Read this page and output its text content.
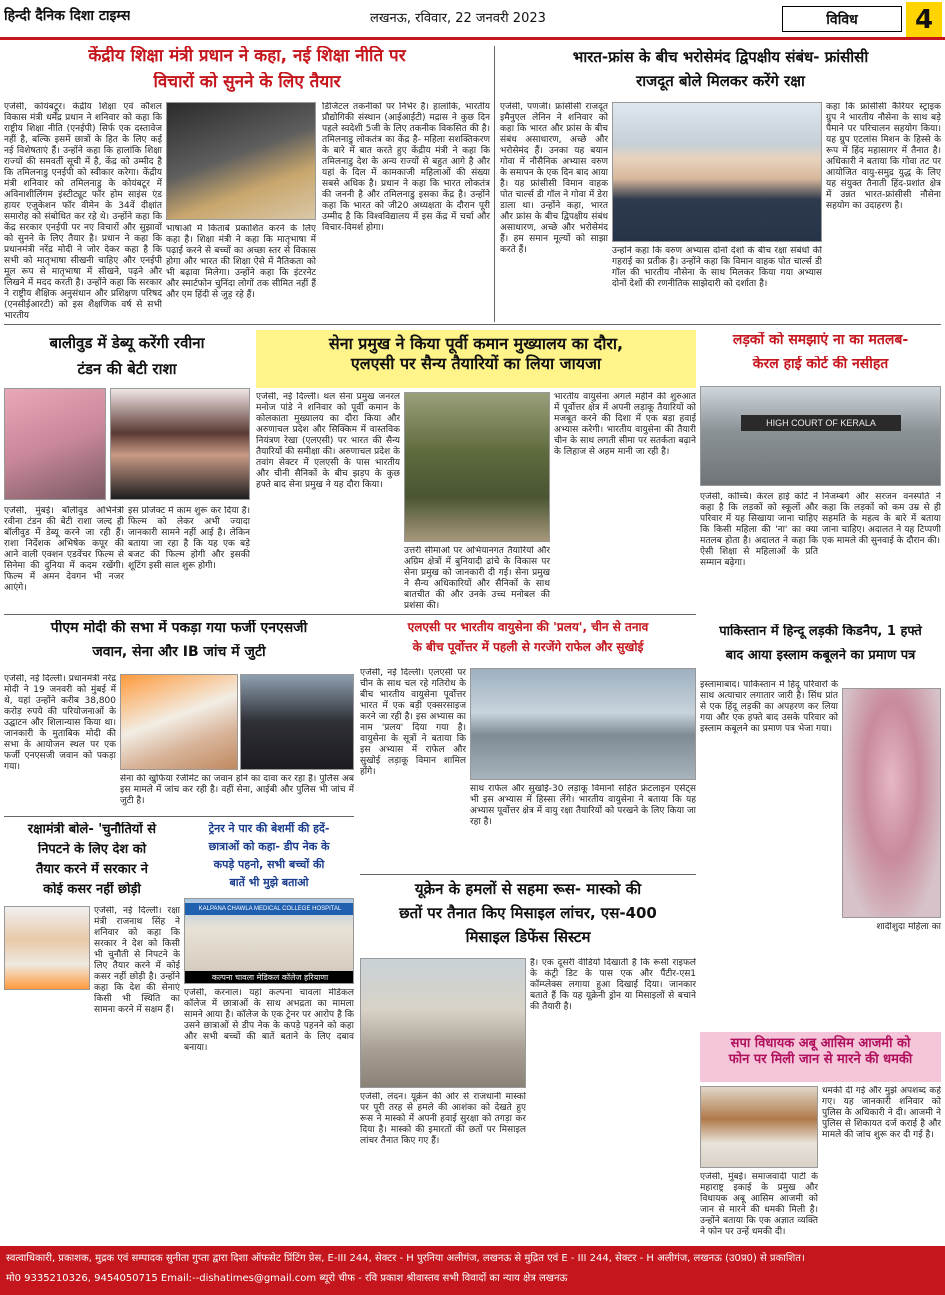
हिन्दी दैनिक दिशा टाइम्स	लखनऊ, रविवार, 22 जनवरी 2023	विविध	4
केंद्रीय शिक्षा मंत्री प्रधान ने कहा, नई शिक्षा नीति पर
विचारों को सुनने के लिए तैयार
एजेंसी, कोयंबटूर। केंद्रीय शिक्षा एवं कौशल विकास मंत्री धर्मेंद्र प्रधान ने शनिवार को कहा कि राष्ट्रीय शिक्षा नीति (एनईपी) सिर्फ एक दस्तावेज नहीं है, बल्कि इसमें छात्रों के हित के लिए कई नई विशेषताएं हैं। उन्होंने कहा कि हालांकि शिक्षा राज्यों की समवर्ती सूची में है, केंद्र को उम्मीद है कि तमिलनाडु एनईपी को स्वीकार करेगा। केंद्रीय मंत्री शनिवार को तमिलनाडु के कोयंबटूर में अविनाशीलिंगम इंस्टीट्यूट फॉर होम साइंस एंड हायर एजुकेशन फॉर वीमेन के 34वें दीक्षांत समारोह को संबोधित कर रहे थे। उन्होंने कहा कि केंद्र सरकार एनईपी पर नए विचारों और सुझावों को सुनने के लिए तैयार है। प्रधान ने कहा कि प्रधानमंत्री नरेंद्र मोदी ने जोर देकर कहा है कि सभी को मातृभाषा सीखनी चाहिए और एनईपी मूल रूप से मातृभाषा में सीखने, पढ़ने और लिखने में मदद करती है। उन्होंने कहा कि सरकार ने राष्ट्रीय शैक्षिक अनुसंधान और प्रशिक्षण परिषद (एनसीईआरटी) को इस शैक्षणिक वर्ष से सभी भारतीय
भाषाओं में किताबें प्रकाशित करने के लिए कहा है। शिक्षा मंत्री ने कहा कि मातृभाषा में पढ़ाई करने से बच्चों का अच्छा स्तर से विकास होगा और भारत की शिक्षा ऐसे में नैतिकता को भी बढ़ावा मिलेगा। उन्होंने कहा कि इंटरनेट और स्मार्टफोन चुनिंदा लोगों तक सीमित नहीं हैं और एम हिंदी से जुड़ रहे हैं।
डिजिटल तकनीकों पर निर्भर है। हालांकि, भारतीय प्रौद्योगिकी संस्थान (आईआईटी) मद्रास ने कुछ दिन पहले स्वदेशी 5जी के लिए तकनीक विकसित की है। तमिलनाडु लोकतंत्र का केंद्र है- महिला सशक्तिकरण के बारे में बात करते हुए केंद्रीय मंत्री ने कहा कि तमिलनाडु देश के अन्य राज्यों से बहुत आगे है और यहां के दिल में कामकाजी महिलाओं की संख्या सबसे अधिक है। प्रधान ने कहा कि भारत लोकतंत्र की जननी है और तमिलनाडु इसका केंद्र है। उन्होंने कहा कि भारत को जी20 अध्यक्षता के दौरान पूरी उम्मीद है कि विश्वविद्यालय में इस केंद्र में चर्चा और विचार-विमर्श होगा।
भारत-फ्रांस के बीच भरोसेमंद द्विपक्षीय संबंध- फ्रांसीसी
राजदूत बोले मिलकर करेंगे रक्षा
एजेंसी, पणजी। फ्रांसीसी राजदूत इमैनुएल लेनिन ने शनिवार को कहा कि भारत और फ्रांस के बीच संबंध असाधारण, अच्छे और भरोसेमंद हैं। उनका यह बयान गोवा में नौसैनिक अभ्यास वरुण के समापन के एक दिन बाद आया है। यह फ्रांसीसी विमान वाहक पोत चार्ल्स डी गॉल ने गोवा में डेरा डाला था। उन्होंने कहा, भारत और फ्रांस के बीच द्विपक्षीय संबंध असाधारण, अच्छे और भरोसेमंद हैं। हम समान मूल्यों को साझा करते हैं।	उन्होंने कहा कि वरुण अभ्यास दोनों देशों के बीच रक्षा संबंधों की गहराई का प्रतीक है। उन्होंने कहा कि विमान वाहक पोत चार्ल्स डी गॉल की भारतीय नौसेना के साथ मिलकर किया गया अभ्यास दोनों देशों की रणनीतिक साझेदारी को दर्शाता है।
कहा कि फ्रांसीसी कैरियर स्ट्राइक ग्रुप ने भारतीय नौसेना के साथ बड़े पैमाने पर परिचालन सहयोग किया। यह ग्रुप एटलांस मिशन के हिस्से के रूप में हिंद महासागर में तैनात है। अधिकारी ने बताया कि गोवा तट पर आयोजित वायु-समुद्र युद्ध के लिए यह संयुक्त तैनाती हिंद-प्रशांत क्षेत्र में उन्नत भारत-फ्रांसीसी नौसेना सहयोग का उदाहरण है।
बालीवुड में डेब्यू करेंगी रवीना
टंडन की बेटी राशा
एजेंसी, मुंबई। बॉलीवुड अभिनेत्री रवीना टंडन की बेटी राशा जल्द ही बॉलीवुड में डेब्यू करने जा रही हैं। राशा निर्देशक अभिषेक कपूर की आने वाली एक्शन एडवेंचर फिल्म से सिनेमा की दुनिया में कदम रखेंगी। फिल्म में अमन देवगन भी नजर आएंगे।
इस प्रोजेक्ट में काम शुरू कर दिया है। फिल्म को लेकर अभी ज्यादा जानकारी सामने नहीं आई है। लेकिन बताया जा रहा है कि यह एक बड़े बजट की फिल्म होगी और इसकी शूटिंग इसी साल शुरू होगी।
सेना प्रमुख ने किया पूर्वी कमान मुख्यालय का दौरा,
एलएसी पर सैन्य तैयारियों का लिया जायजा
एजेंसी, नई दिल्ली। थल सेना प्रमुख जनरल मनोज पांडे ने शनिवार को पूर्वी कमान के कोलकाता मुख्यालय का दौरा किया और अरुणाचल प्रदेश और सिक्किम में वास्तविक नियंत्रण रेखा (एलएसी) पर भारत की सैन्य तैयारियों की समीक्षा की। अरुणाचल प्रदेश के तवांग सेक्टर में एलएसी के पास भारतीय और चीनी सैनिकों के बीच झड़प के कुछ हफ्ते बाद सेना प्रमुख ने यह दौरा किया।
उत्तरी सीमाओं पर अभियानगत तैयारियों और अग्रिम क्षेत्रों में बुनियादी ढांचे के विकास पर सेना प्रमुख को जानकारी दी गई। सेना प्रमुख ने सैन्य अधिकारियों और सैनिकों के साथ बातचीत की और उनके उच्च मनोबल की प्रशंसा की।
भारतीय वायुसेना अगले महीने की शुरुआत में पूर्वोत्तर क्षेत्र में अपनी लड़ाकू तैयारियों को मजबूत करने की दिशा में एक बड़ा हवाई अभ्यास करेगी। भारतीय वायुसेना की तैयारी चीन के साथ लगती सीमा पर सतर्कता बढ़ाने के लिहाज से अहम मानी जा रही है।
लड़कों को समझाएं ना का मतलब-
केरल हाई कोर्ट की नसीहत
HIGH COURT OF KERALA
एजेंसी, कोच्चि। केरल हाई कोर्ट ने कहा है कि लड़कों को स्कूलों और परिवार में यह सिखाया जाना चाहिए कि किसी महिला की 'ना' का क्या मतलब होता है। अदालत ने कहा कि ऐसी शिक्षा से महिलाओं के प्रति सम्मान बढ़ेगा।
निजम्बर्ग और सरजन वनस्पति ने कहा कि लड़कों को कम उम्र से ही सहमति के महत्व के बारे में बताया जाना चाहिए। अदालत ने यह टिप्पणी एक मामले की सुनवाई के दौरान की।
पीएम मोदी की सभा में पकड़ा गया फर्जी एनएसजी
जवान, सेना और IB जांच में जुटी
एजेंसी, नई दिल्ली। प्रधानमंत्री नरेंद्र मोदी ने 19 जनवरी को मुंबई में थे, यहां उन्होंने करीब 38,800 करोड़ रुपये की परियोजनाओं के उद्घाटन और शिलान्यास किया था। जानकारी के मुताबिक मोदी की सभा के आयोजन स्थल पर एक फर्जी एनएसजी जवान को पकड़ा गया।
सेना की खुफिया रेजीमेंट का जवान होने का दावा कर रहा है। पुलिस अब इस मामले में जांच कर रही है। वहीं सेना, आईबी और पुलिस भी जांच में जुटी है।
एलएसी पर भारतीय वायुसेना की 'प्रलय', चीन से तनाव
के बीच पूर्वोत्तर में पहली से गरजेंगे राफेल और सुखोई
एजेंसी, नई दिल्ली। एलएसी पर चीन के साथ चल रहे गतिरोध के बीच भारतीय वायुसेना पूर्वोत्तर भारत में एक बड़ी एक्सरसाइज करने जा रही है। इस अभ्यास का नाम 'प्रलय' दिया गया है। वायुसेना के सूत्रों ने बताया कि इस अभ्यास में राफेल और सुखोई लड़ाकू विमान शामिल होंगे।
साथ राफेल और सुखोई-30 लड़ाकू विमानों सहित फ्रंटलाइन एसेट्स भी इस अभ्यास में हिस्सा लेंगे। भारतीय वायुसेना ने बताया कि यह अभ्यास पूर्वोत्तर क्षेत्र में वायु रक्षा तैयारियों को परखने के लिए किया जा रहा है।
पाकिस्तान में हिन्दू लड़की किडनैप, 1 हफ्ते
बाद आया इस्लाम कबूलने का प्रमाण पत्र
इस्लामाबाद। पाकिस्तान में हिंदू परिवारों के साथ अत्याचार लगातार जारी है। सिंध प्रांत से एक हिंदू लड़की का अपहरण कर लिया गया और एक हफ्ते बाद उसके परिवार को इस्लाम कबूलने का प्रमाण पत्र भेजा गया।
शादीशुदा महिला का
रक्षामंत्री बोले- 'चुनौतियों से
निपटने के लिए देश को
तैयार करने में सरकार ने
कोई कसर नहीं छोड़ी
एजेंसी, नई दिल्ली। रक्षा मंत्री राजनाथ सिंह ने शनिवार को कहा कि सरकार ने देश को किसी भी चुनौती से निपटने के लिए तैयार करने में कोई कसर नहीं छोड़ी है। उन्होंने कहा कि देश की सेनाएं किसी भी स्थिति का सामना करने में सक्षम हैं।
ट्रेनर ने पार की बेशर्मी की हदें-
छात्राओं को कहा- डीप नेक के
कपड़े पहनो, सभी बच्चों की
बातें भी मुझे बताओ
KALPANA CHAWLA MEDICAL COLLEGE HOSPITAL
कल्पना चावला मेडिकल कॉलेज हरियाणा
एजेंसी, करनाल। यहां कल्पना चावला मेडिकल कॉलेज में छात्राओं के साथ अभद्रता का मामला सामने आया है। कॉलेज के एक ट्रेनर पर आरोप है कि उसने छात्राओं से डीप नेक के कपड़े पहनने को कहा और सभी बच्चों की बातें बताने के लिए दबाव बनाया।
यूक्रेन के हमलों से सहमा रूस- मास्को की
छतों पर तैनात किए मिसाइल लांचर, एस-400
मिसाइल डिफेंस सिस्टम
एजेंसी, लंदन। यूक्रेन की ओर से राजधानी मास्को पर पूरी तरह से हमले की आशंका को देखते हुए रूस ने मास्को में अपनी हवाई सुरक्षा को तगड़ा कर दिया है। मास्को की इमारतों की छतों पर मिसाइल लांचर तैनात किए गए हैं।
है। एक दूसरी वीडियो दिखाती है कि रूसी राइफलें के कंट्री डिट के पास एक और पैंटीर-एस1 कॉम्प्लेक्स लगाया हुआ दिखाई दिया। जानकार बताते हैं कि यह यूक्रेनी ड्रोन या मिसाइलों से बचाने की तैयारी है।
सपा विधायक अबू आसिम आजमी को
फोन पर मिली जान से मारने की धमकी
एजेंसी, मुंबई। समाजवादी पार्टी के महाराष्ट्र इकाई के प्रमुख और विधायक अबू आसिम आजमी को जान से मारने की धमकी मिली है। उन्होंने बताया कि एक अज्ञात व्यक्ति ने फोन पर उन्हें धमकी दी।
धमकी दी गई और मुझे अपशब्द कहे गए। यह जानकारी शनिवार को पुलिस के अधिकारी ने दी। आजमी ने पुलिस से शिकायत दर्ज कराई है और मामले की जांच शुरू कर दी गई है।
स्वत्वाधिकारी, प्रकाशक, मुद्रक एवं सम्पादक सुनीता गुप्ता द्वारा दिशा ऑफसेट प्रिंटिंग प्रेस, E-III 244, सेक्टर - H पुरनिया अलीगंज, लखनऊ से मुद्रित एवं E - III 244, सेक्टर - H अलीगंज, लखनऊ (उ0प्र0) से प्रकाशित।
मो0 9335210326, 9454050715 Email:--dishatimes@gmail.com ब्यूरो चीफ - रवि प्रकाश श्रीवास्तव सभी विवादों का न्याय क्षेत्र लखनऊ
